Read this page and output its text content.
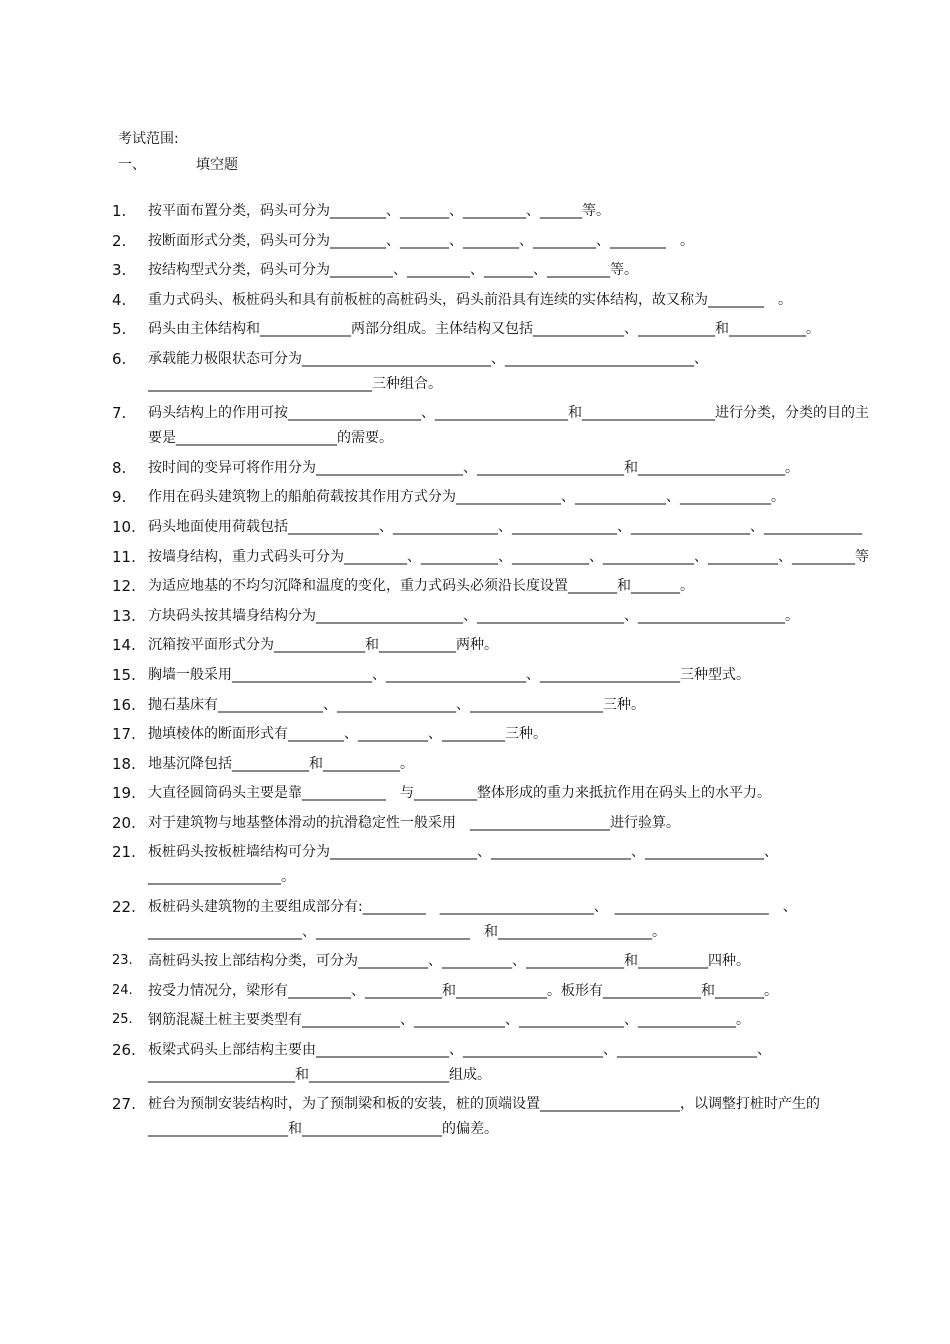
考试范围:
一、	填空题
1.	按平面布置分类，码头可分为________、_______、_________、______等。
2.	按断面形式分类，码头可分为________、_______、________、_________、________　。
3.	按结构型式分类，码头可分为_________、_________、_______、_________等。
4.	重力式码头、板桩码头和具有前板桩的高桩码头，码头前沿具有连续的实体结构，故又称为________　。
5.	码头由主体结构和_____________两部分组成。主体结构又包括_____________、___________和___________。
6.	承载能力极限状态可分为___________________________、___________________________、________________________________三种组合。
7.	码头结构上的作用可按___________________、___________________和___________________进行分类，分类的目的主要是_______________________的需要。
8.	按时间的变异可将作用分为_____________________、_____________________和_____________________。
9.	作用在码头建筑物上的船舶荷载按其作用方式分为_______________、_____________、_____________。
10. 码头地面使用荷载包括_____________、_______________、_______________、_________________、______________
11. 按墙身结构，重力式码头可分为_________、___________、___________、_____________、__________、_________等
12. 为适应地基的不均匀沉降和温度的变化，重力式码头必须沿长度设置_______和_______。
13. 方块码头按其墙身结构分为_____________________、_____________________、_____________________。
14. 沉箱按平面形式分为_____________和___________两种。
15. 胸墙一般采用____________________、____________________、____________________三种型式。
16. 抛石基床有_______________、_________________、___________________三种。
17. 抛填棱体的断面形式有________、__________、_________三种。
18. 地基沉降包括___________和___________。
19. 大直径圆筒码头主要是靠____________　与_________整体形成的重力来抵抗作用在码头上的水平力。
20. 对于建筑物与地基整体滑动的抗滑稳定性一般采用　____________________进行验算。
21. 板桩码头按板桩墙结构可分为_____________________、____________________、_________________、___________________。
22. 板桩码头建筑物的主要组成部分有:_________　______________________、　______________________　、______________________、______________________　和______________________。
23.	高桩码头按上部结构分类，可分为__________、__________、______________和__________四种。
24.	按受力情况分，梁形有_________、___________和_____________。板形有______________和_______。
25.	钢筋混凝土桩主要类型有______________、_____________、_______________、______________。
26. 板梁式码头上部结构主要由___________________、____________________、____________________、_____________________和____________________组成。
27. 桩台为预制安装结构时，为了预制梁和板的安装，桩的顶端设置____________________，以调整打桩时产生的____________________和____________________的偏差。
